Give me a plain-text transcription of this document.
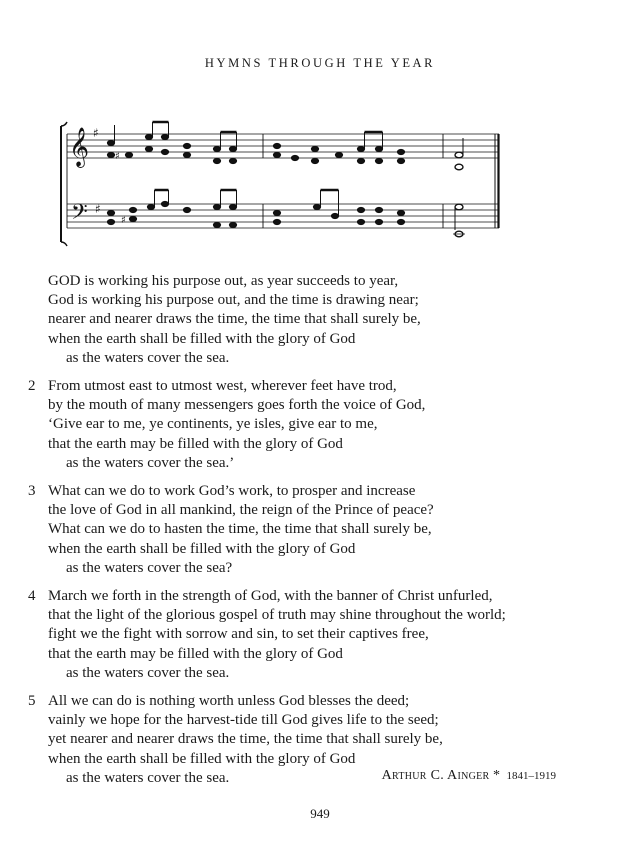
HYMNS THROUGH THE YEAR
𝄞
𝄢
♯
♯
♯
♯
GOD is working his purpose out, as year succeeds to year,
God is working his purpose out, and the time is drawing near;
nearer and nearer draws the time, the time that shall surely be,
when the earth shall be filled with the glory of God
as the waters cover the sea.
2 From utmost east to utmost west, wherever feet have trod,
by the mouth of many messengers goes forth the voice of God,
‘Give ear to me, ye continents, ye isles, give ear to me,
that the earth may be filled with the glory of God
as the waters cover the sea.’
3 What can we do to work God’s work, to prosper and increase
the love of God in all mankind, the reign of the Prince of peace?
What can we do to hasten the time, the time that shall surely be,
when the earth shall be filled with the glory of God
as the waters cover the sea?
4 March we forth in the strength of God, with the banner of Christ unfurled,
that the light of the glorious gospel of truth may shine throughout the world;
fight we the fight with sorrow and sin, to set their captives free,
that the earth may be filled with the glory of God
as the waters cover the sea.
5 All we can do is nothing worth unless God blesses the deed;
vainly we hope for the harvest-tide till God gives life to the seed;
yet nearer and nearer draws the time, the time that shall surely be,
when the earth shall be filled with the glory of God
as the waters cover the sea.	Arthur C. Ainger * 1841–1919
949
